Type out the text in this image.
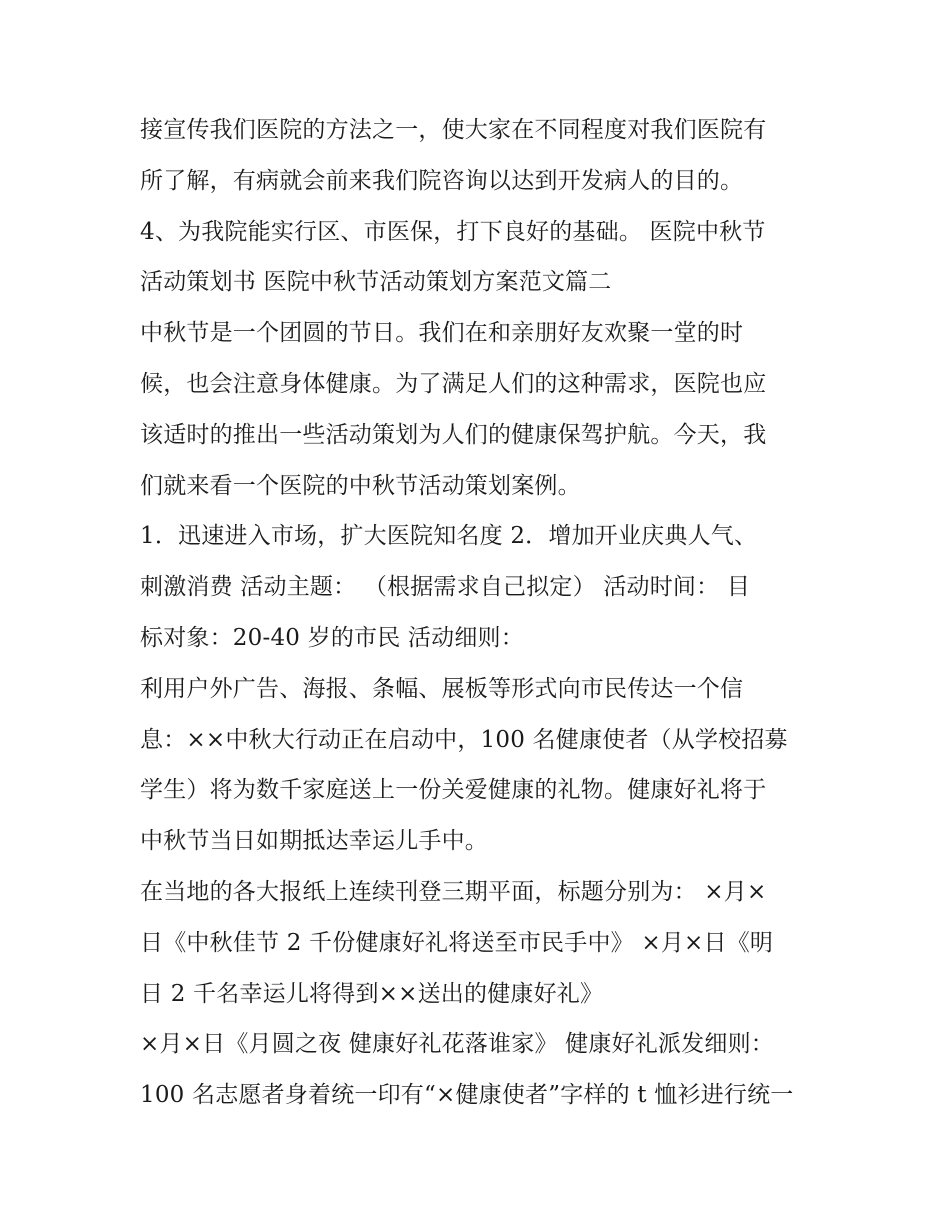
接宣传我们医院的方法之一，使大家在不同程度对我们医院有
所了解，有病就会前来我们院咨询以达到开发病人的目的。

4、为我院能实行区、市医保，打下良好的基础。 医院中秋节
活动策划书 医院中秋节活动策划方案范文篇二

中秋节是一个团圆的节日。我们在和亲朋好友欢聚一堂的时
候，也会注意身体健康。为了满足人们的这种需求，医院也应
该适时的推出一些活动策划为人们的健康保驾护航。今天，我
们就来看一个医院的中秋节活动策划案例。

1．迅速进入市场，扩大医院知名度 2．增加开业庆典人气、
刺激消费 活动主题： （根据需求自己拟定） 活动时间： 目
标对象：20-40 岁的市民 活动细则：

利用户外广告、海报、条幅、展板等形式向市民传达一个信
息：××中秋大行动正在启动中，100 名健康使者（从学校招募
学生）将为数千家庭送上一份关爱健康的礼物。健康好礼将于
中秋节当日如期抵达幸运儿手中。

在当地的各大报纸上连续刊登三期平面，标题分别为： ×月×
日《中秋佳节 2 千份健康好礼将送至市民手中》 ×月×日《明
日 2 千名幸运儿将得到××送出的健康好礼》

×月×日《月圆之夜 健康好礼花落谁家》 健康好礼派发细则：
100 名志愿者身着统一印有“×健康使者”字样的 t 恤衫进行统一
